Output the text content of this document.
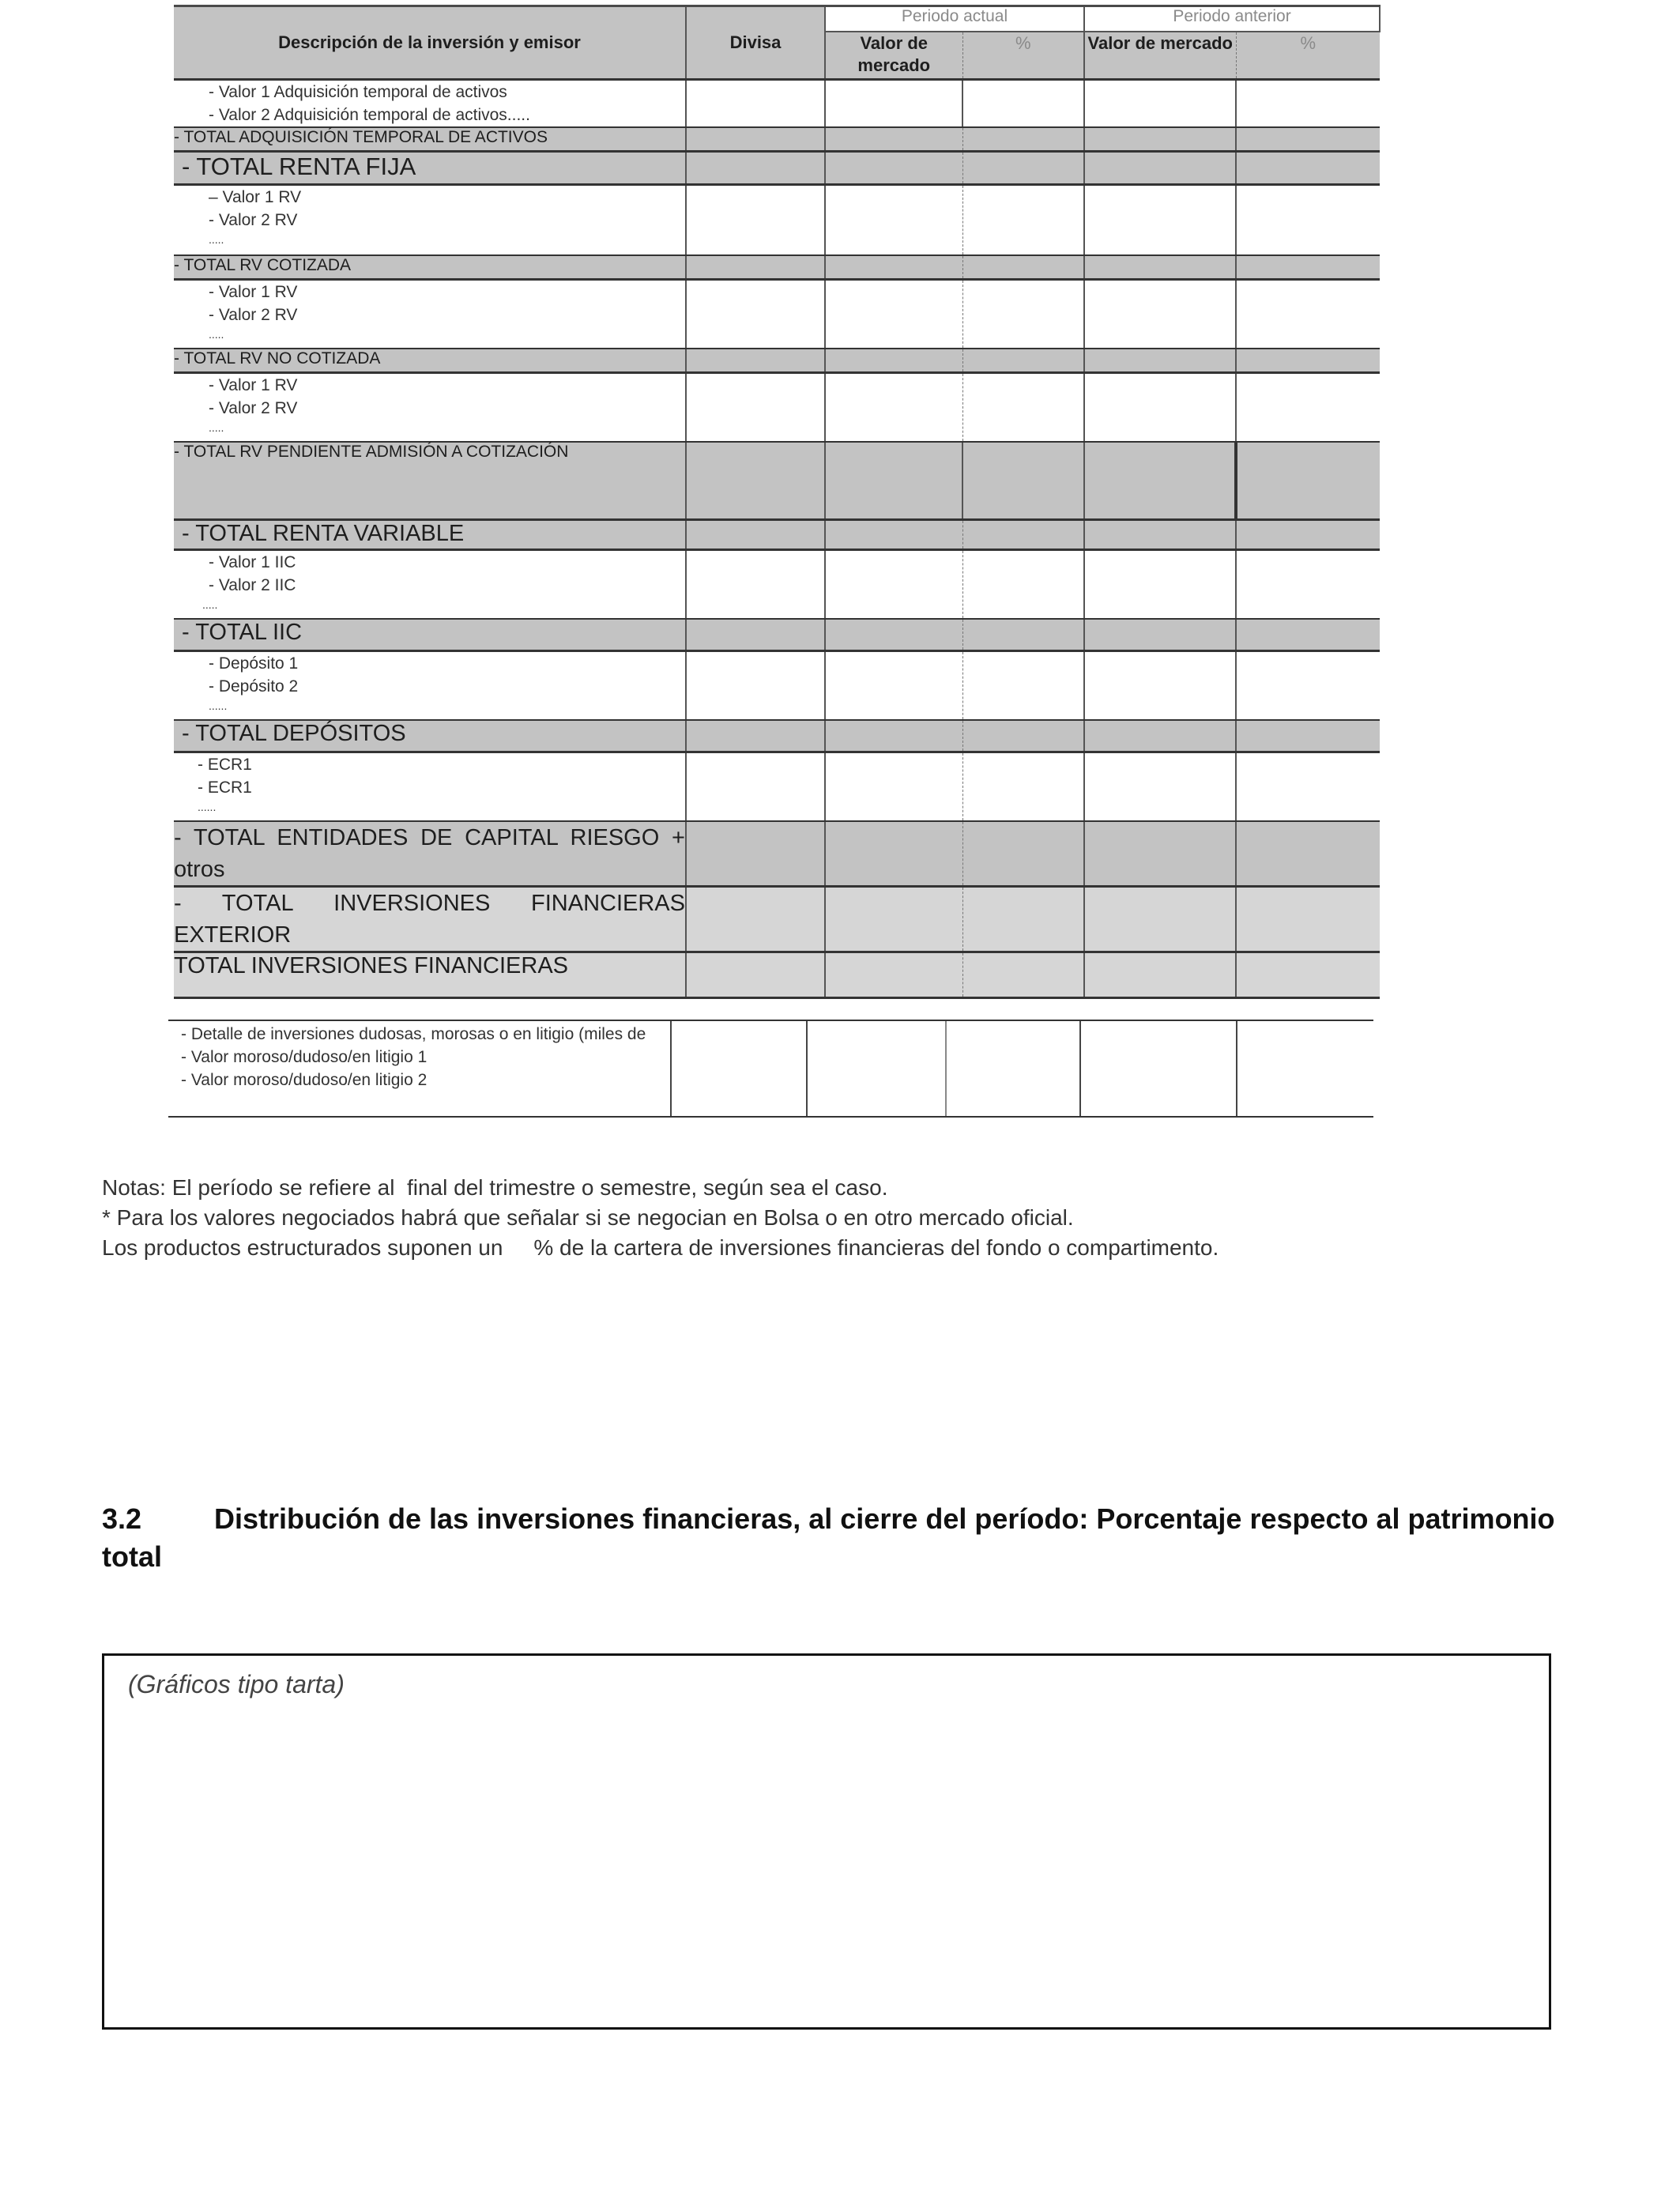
Descripción de la inversión y emisor	Divisa	Periodo actual		Periodo anterior	
		Valor de mercado	%	Valor de mercado	%

- Valor 1 Adquisición temporal de activos
- Valor 2 Adquisición temporal de activos.....					

- TOTAL ADQUISICIÓN TEMPORAL DE ACTIVOS					
- TOTAL RENTA FIJA					

– Valor 1 RV
- Valor 2 RV
.....					

- TOTAL RV COTIZADA					

- Valor 1 RV
- Valor 2 RV
.....					

- TOTAL RV NO COTIZADA					

- Valor 1 RV
- Valor 2 RV
.....					

- TOTAL RV PENDIENTE ADMISIÓN A COTIZACIÓN					
- TOTAL RENTA VARIABLE					

- Valor 1 IIC
- Valor 2 IIC
.....					

- TOTAL IIC					

- Depósito 1
- Depósito 2
......					

- TOTAL DEPÓSITOS					

- ECR1
- ECR1
......					

- TOTAL ENTIDADES DE CAPITAL RIESGO + otros					
- TOTAL INVERSIONES FINANCIERAS EXTERIOR					
TOTAL INVERSIONES FINANCIERAS					
- Detalle de inversiones dudosas, morosas o en litigio (miles de
- Valor moroso/dudoso/en litigio 1
- Valor moroso/dudoso/en litigio 2

Notas: El período se refiere al  final del trimestre o semestre, según sea el caso.
* Para los valores negociados habrá que señalar si se negocian en Bolsa o en otro mercado oficial.
Los productos estructurados suponen un     % de la cartera de inversiones financieras del fondo o compartimento.
3.2	Distribución de las inversiones financieras, al cierre del período: Porcentaje respecto al patrimonio total
(Gráficos tipo tarta)
